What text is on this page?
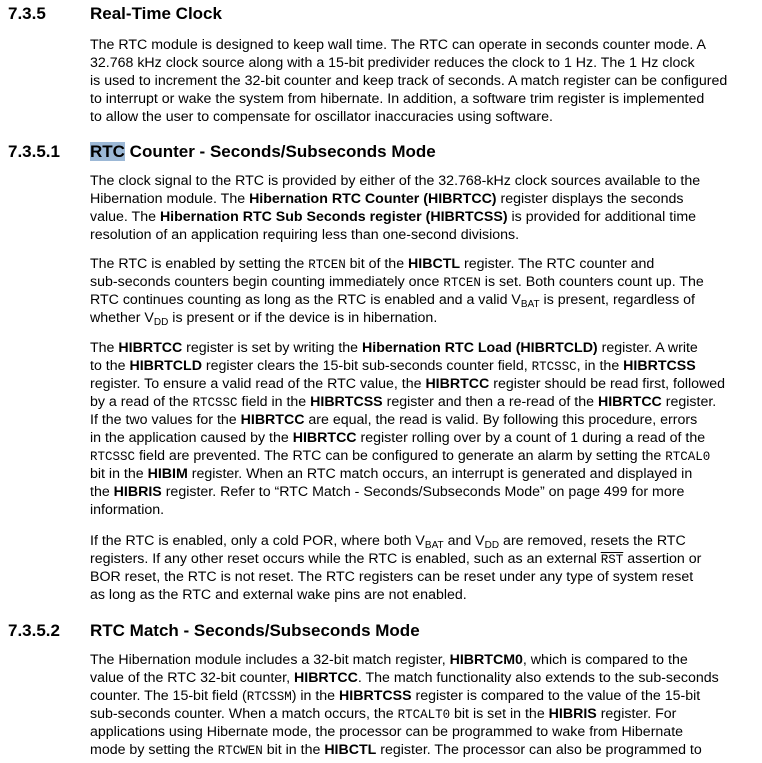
7.3.5	Real-Time Clock
The RTC module is designed to keep wall time. The RTC can operate in seconds counter mode. A
32.768 kHz clock source along with a 15-bit predivider reduces the clock to 1 Hz. The 1 Hz clock
is used to increment the 32-bit counter and keep track of seconds. A match register can be configured
to interrupt or wake the system from hibernate. In addition, a software trim register is implemented
to allow the user to compensate for oscillator inaccuracies using software.
7.3.5.1 RTC Counter - Seconds/Subseconds Mode
The clock signal to the RTC is provided by either of the 32.768-kHz clock sources available to the
Hibernation module. The Hibernation RTC Counter (HIBRTCC) register displays the seconds
value. The Hibernation RTC Sub Seconds register (HIBRTCSS) is provided for additional time
resolution of an application requiring less than one-second divisions.
The RTC is enabled by setting the RTCEN bit of the HIBCTL register. The RTC counter and
sub-seconds counters begin counting immediately once RTCEN is set. Both counters count up. The
RTC continues counting as long as the RTC is enabled and a valid $V_{BAT}$ is present, regardless of
whether $V_{DD}$ is present or if the device is in hibernation.
The HIBRTCC register is set by writing the Hibernation RTC Load (HIBRTCLD) register. A write
to the HIBRTCLD register clears the 15-bit sub-seconds counter field, RTCSSC, in the HIBRTCSS
register. To ensure a valid read of the RTC value, the HIBRTCC register should be read first, followed
by a read of the RTCSSC field in the HIBRTCSS register and then a re-read of the HIBRTCC register.
If the two values for the HIBRTCC are equal, the read is valid. By following this procedure, errors
in the application caused by the HIBRTCC register rolling over by a count of 1 during a read of the
RTCSSC field are prevented. The RTC can be configured to generate an alarm by setting the RTCAL0
bit in the HIBIM register. When an RTC match occurs, an interrupt is generated and displayed in
the HIBRIS register. Refer to “RTC Match - Seconds/Subseconds Mode” on page 499 for more
information.
If the RTC is enabled, only a cold POR, where both $V_{BAT}$ and $V_{DD}$ are removed, resets the RTC
registers. If any other reset occurs while the RTC is enabled, such as an external $\overline{RST}$ assertion or
BOR reset, the RTC is not reset. The RTC registers can be reset under any type of system reset
as long as the RTC and external wake pins are not enabled.
7.3.5.2 RTC Match - Seconds/Subseconds Mode
The Hibernation module includes a 32-bit match register, HIBRTCM0, which is compared to the
value of the RTC 32-bit counter, HIBRTCC. The match functionality also extends to the sub-seconds
counter. The 15-bit field (RTCSSM) in the HIBRTCSS register is compared to the value of the 15-bit
sub-seconds counter. When a match occurs, the RTCALT0 bit is set in the HIBRIS register. For
applications using Hibernate mode, the processor can be programmed to wake from Hibernate
mode by setting the RTCWEN bit in the HIBCTL register. The processor can also be programmed to
